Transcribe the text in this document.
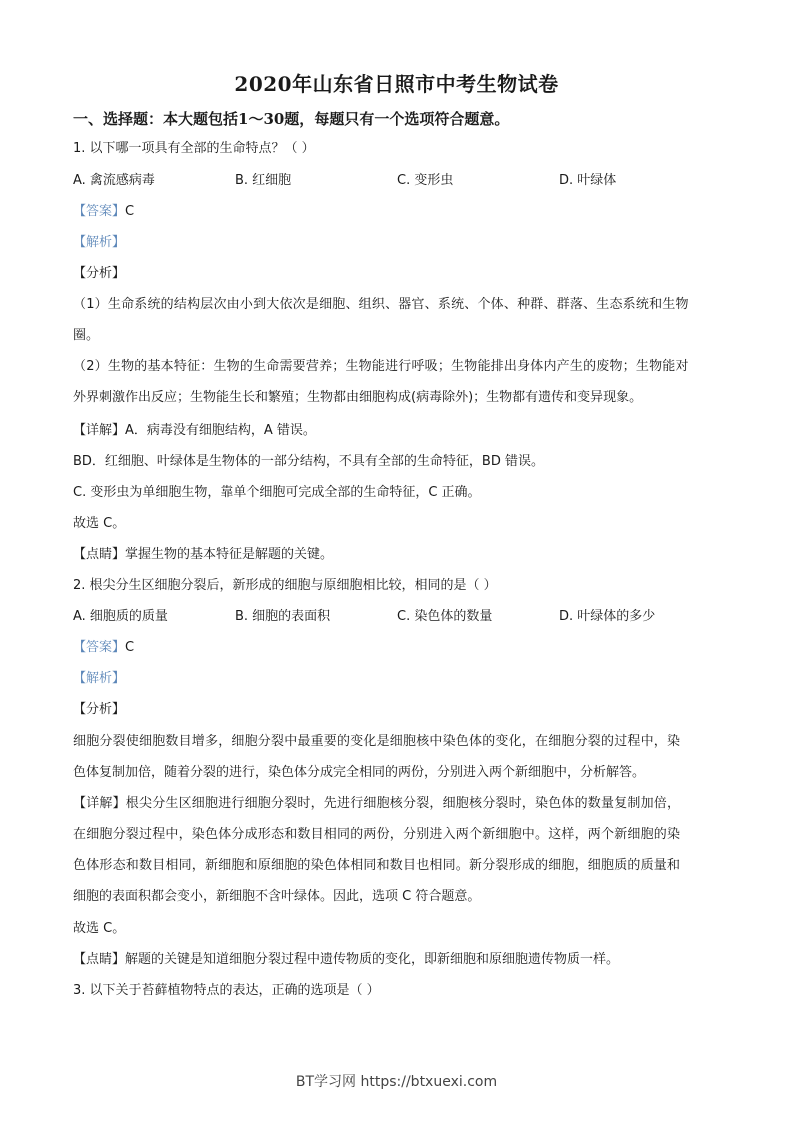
2020年山东省日照市中考生物试卷
一、选择题：本大题包括1～30题，每题只有一个选项符合题意。
1. 以下哪一项具有全部的生命特点？（ ）
A. 禽流感病毒	B. 红细胞	C. 变形虫	D. 叶绿体
【答案】C
【解析】
【分析】
（1）生命系统的结构层次由小到大依次是细胞、组织、器官、系统、个体、种群、群落、生态系统和生物
圈。
（2）生物的基本特征：生物的生命需要营养；生物能进行呼吸；生物能排出身体内产生的废物；生物能对
外界刺激作出反应；生物能生长和繁殖；生物都由细胞构成(病毒除外)；生物都有遗传和变异现象。
【详解】A．病毒没有细胞结构，A 错误。
BD．红细胞、叶绿体是生物体的一部分结构，不具有全部的生命特征，BD 错误。
C. 变形虫为单细胞生物，靠单个细胞可完成全部的生命特征，C 正确。
故选 C。
【点睛】掌握生物的基本特征是解题的关键。
2. 根尖分生区细胞分裂后，新形成的细胞与原细胞相比较，相同的是（ ）
A. 细胞质的质量	B. 细胞的表面积	C. 染色体的数量	D. 叶绿体的多少
【答案】C
【解析】
【分析】
细胞分裂使细胞数目增多，细胞分裂中最重要的变化是细胞核中染色体的变化，在细胞分裂的过程中，染
色体复制加倍，随着分裂的进行，染色体分成完全相同的两份，分别进入两个新细胞中，分析解答。
【详解】根尖分生区细胞进行细胞分裂时，先进行细胞核分裂，细胞核分裂时，染色体的数量复制加倍，
在细胞分裂过程中，染色体分成形态和数目相同的两份，分别进入两个新细胞中。这样，两个新细胞的染
色体形态和数目相同，新细胞和原细胞的染色体相同和数目也相同。新分裂形成的细胞，细胞质的质量和
细胞的表面积都会变小，新细胞不含叶绿体。因此，选项 C 符合题意。
故选 C。
【点睛】解题的关键是知道细胞分裂过程中遗传物质的变化，即新细胞和原细胞遗传物质一样。
3. 以下关于苔藓植物特点的表达，正确的选项是（ ）
BT学习网 https://btxuexi.com
